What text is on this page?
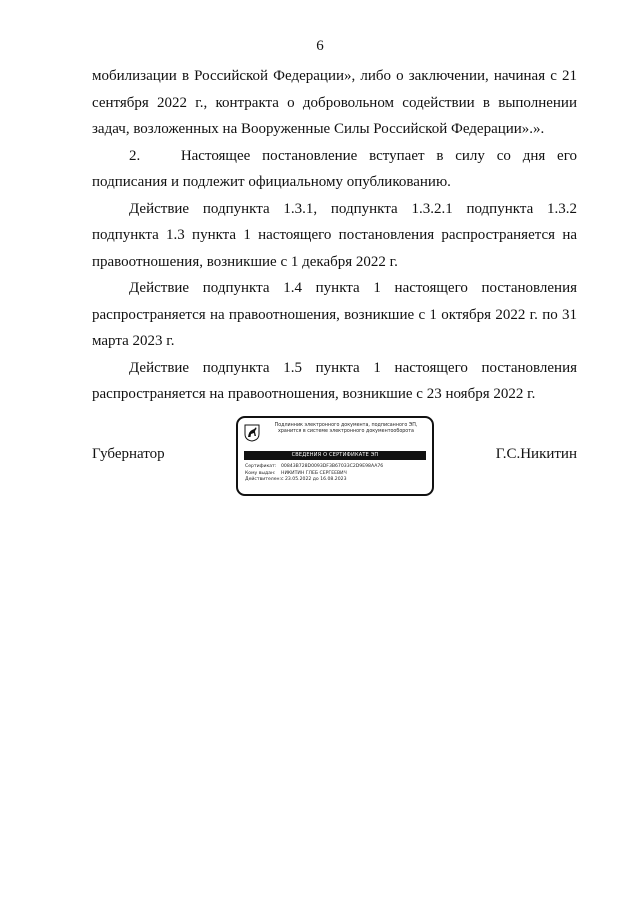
6

мобилизации в Российской Федерации», либо о заключении, начиная с 21 сентября 2022 г., контракта о добровольном содействии в выполнении задач, возложенных на Вооруженные Силы Российской Федерации».».

2.	Настоящее постановление вступает в силу со дня его подписания и подлежит официальному опубликованию.

Действие подпункта 1.3.1, подпункта 1.3.2.1 подпункта 1.3.2 подпункта 1.3 пункта 1 настоящего постановления распространяется на правоотношения, возникшие с 1 декабря 2022 г.

Действие подпункта 1.4 пункта 1 настоящего постановления распространяется на правоотношения, возникшие с 1 октября 2022 г. по 31 марта 2023 г.

Действие подпункта 1.5 пункта 1 настоящего постановления распространяется на правоотношения, возникшие с 23 ноября 2022 г.

Губернатор	Г.С.Никитин
Подлинник электронного документа, подписанного ЭП,
хранится в системе электронного документооборота
СВЕДЕНИЯ О СЕРТИФИКАТЕ ЭП
Сертификат: 00843B728D0093DF3B67033C2D9E98AA76
Кому выдан: НИКИТИН ГЛЕБ СЕРГЕЕВИЧ
Действителен:с 23.05.2022 до 16.08.2023
